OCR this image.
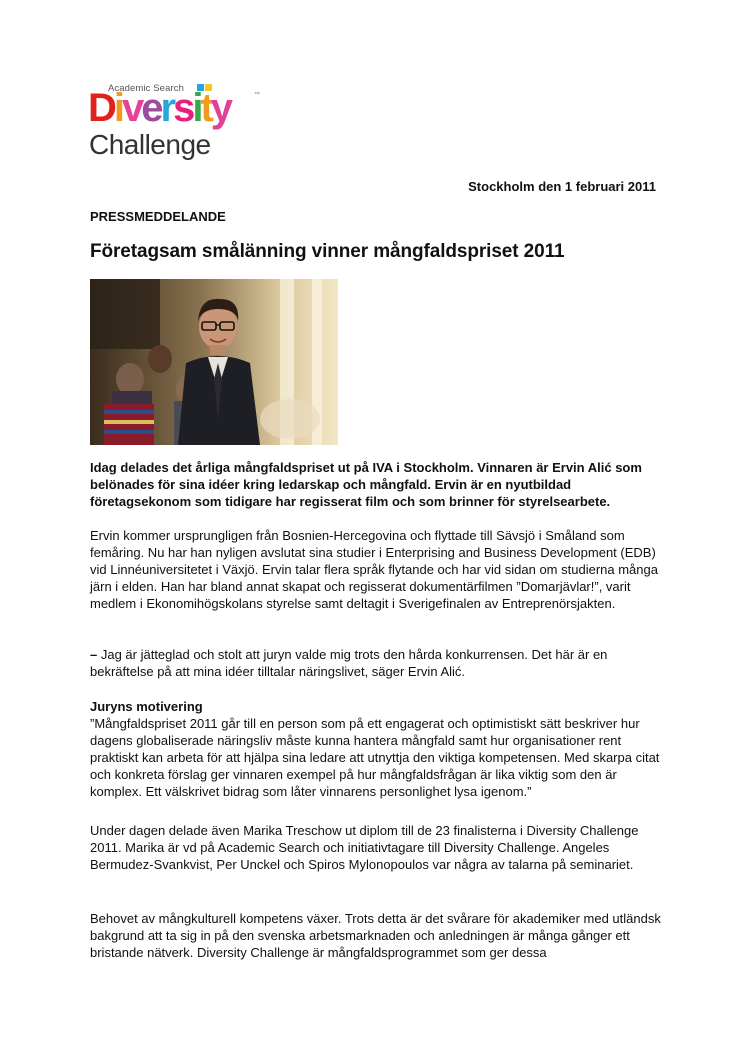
Academic Search
Diversity	™
Challenge
Stockholm den 1 februari 2011
PRESSMEDDELANDE
Företagsam smålänning vinner mångfaldspriset 2011

Idag delades det årliga mångfaldspriset ut på IVA i Stockholm. Vinnaren är Ervin Alić som belönades för sina idéer kring ledarskap och mångfald. Ervin är en nyutbildad företagsekonom som tidigare har regisserat film och som brinner för styrelsearbete.

Ervin kommer ursprungligen från Bosnien-Hercegovina och flyttade till Sävsjö i Småland som femåring. Nu har han nyligen avslutat sina studier i Enterprising and Business Development (EDB) vid Linnéuniversitetet i Växjö. Ervin talar flera språk flytande och har vid sidan om studierna många järn i elden. Han har bland annat skapat och regisserat dokumentärfilmen ”Domarjävlar!”, varit medlem i Ekonomihögskolans styrelse samt deltagit i Sverigefinalen av Entreprenörsjakten.

– Jag är jätteglad och stolt att juryn valde mig trots den hårda konkurrensen. Det här är en bekräftelse på att mina idéer tilltalar näringslivet, säger Ervin Alić.

Juryns motivering

”Mångfaldspriset 2011 går till en person som på ett engagerat och optimistiskt sätt beskriver hur dagens globaliserade näringsliv måste kunna hantera mångfald samt hur organisationer rent praktiskt kan arbeta för att hjälpa sina ledare att utnyttja den viktiga kompetensen. Med skarpa citat och konkreta förslag ger vinnaren exempel på hur mångfaldsfrågan är lika viktig som den är komplex. Ett välskrivet bidrag som låter vinnarens personlighet lysa igenom.”

Under dagen delade även Marika Treschow ut diplom till de 23 finalisterna i Diversity Challenge 2011. Marika är vd på Academic Search och initiativtagare till Diversity Challenge. Angeles Bermudez-Svankvist, Per Unckel och Spiros Mylonopoulos var några av talarna på seminariet.

Behovet av mångkulturell kompetens växer. Trots detta är det svårare för akademiker med utländsk bakgrund att ta sig in på den svenska arbetsmarknaden och anledningen är många gånger ett bristande nätverk. Diversity Challenge är mångfaldsprogrammet som ger dessa
